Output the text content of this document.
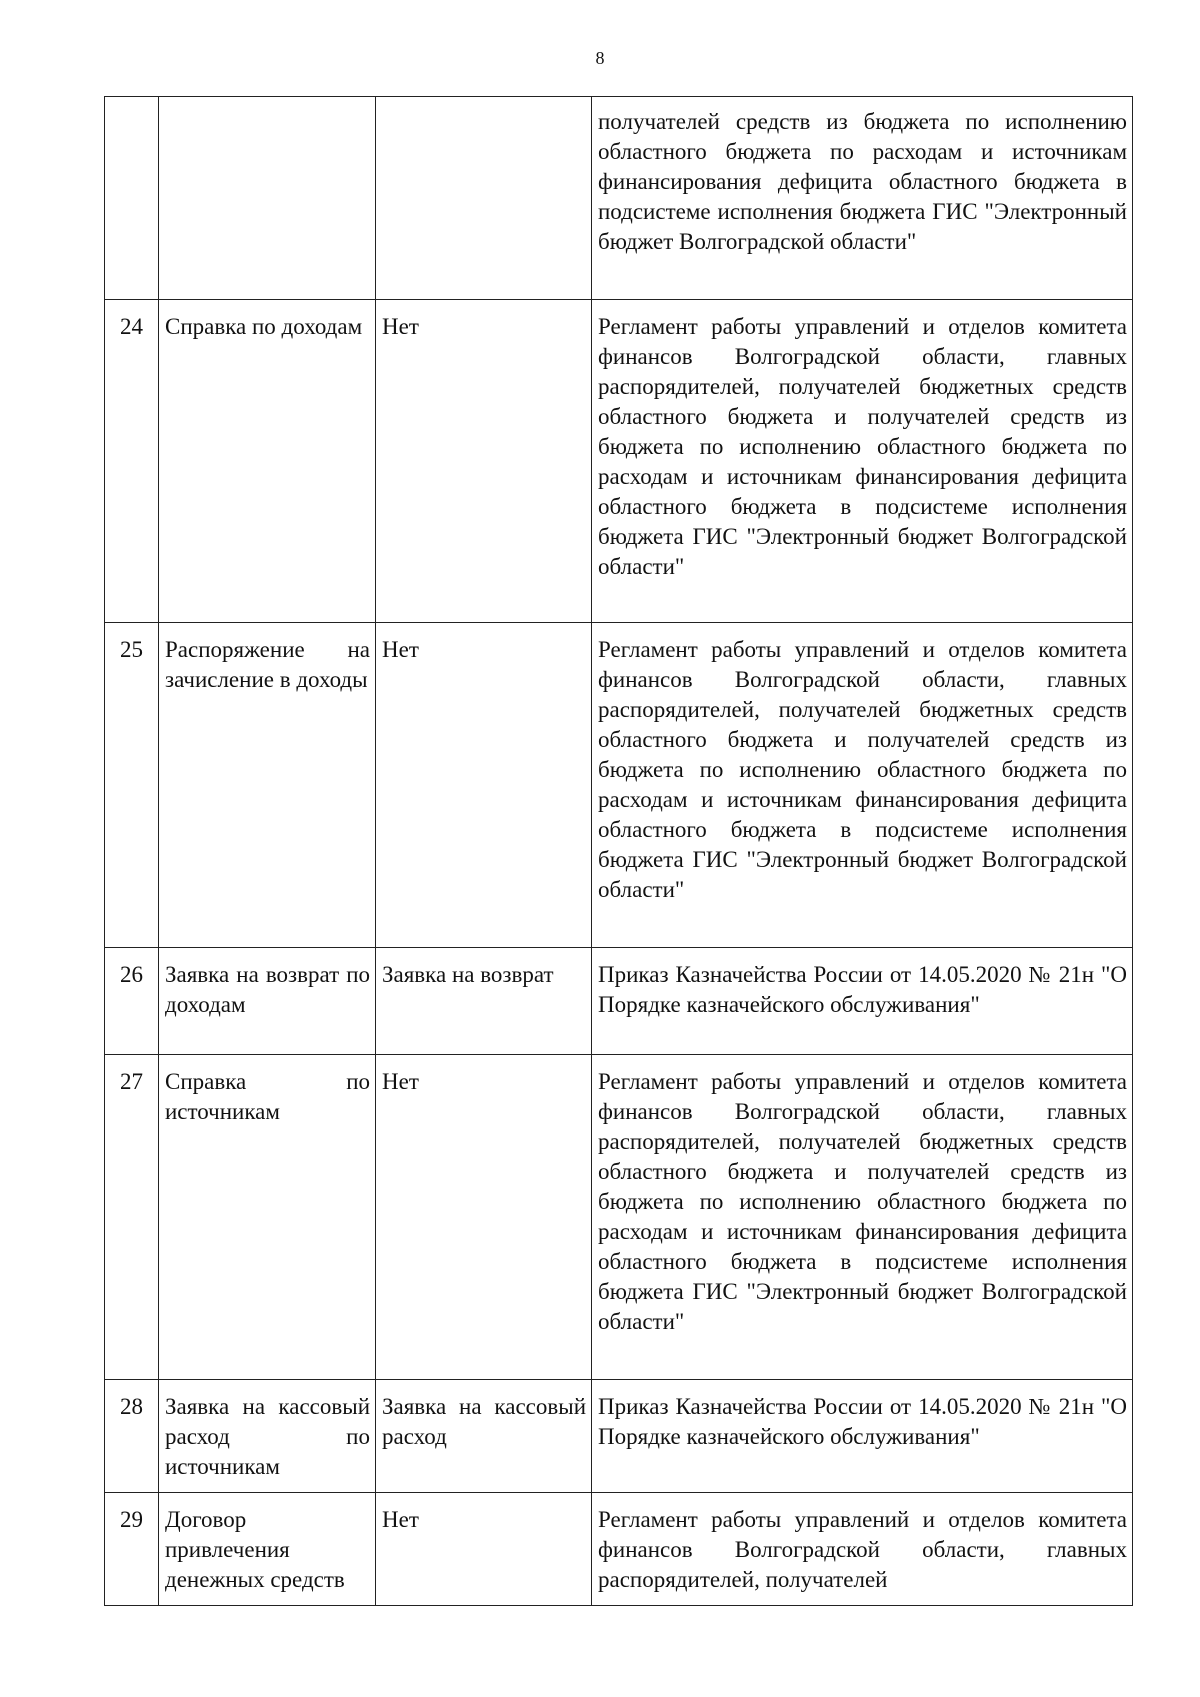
8
			получателей средств из бюджета по исполнению областного бюджета по расходам и источникам финансирования дефицита областного бюджета в подсистеме исполнения бюджета ГИС "Электронный бюджет Волгоградской области"
24	Справка по доходам	Нет	Регламент работы управлений и отделов комитета финансов Волгоградской области, главных распорядителей, получателей бюджетных средств областного бюджета и получателей средств из бюджета по исполнению областного бюджета по расходам и источникам финансирования дефицита областного бюджета в подсистеме исполнения бюджета ГИС "Электронный бюджет Волгоградской области"
25	Распоряжение на зачисление в доходы	Нет	Регламент работы управлений и отделов комитета финансов Волгоградской области, главных распорядителей, получателей бюджетных средств областного бюджета и получателей средств из бюджета по исполнению областного бюджета по расходам и источникам финансирования дефицита областного бюджета в подсистеме исполнения бюджета ГИС "Электронный бюджет Волгоградской области"
26	Заявка на возврат по доходам	Заявка на возврат	Приказ Казначейства России от 14.05.2020 № 21н "О Порядке казначейского обслуживания"
27	Справка по источникам	Нет	Регламент работы управлений и отделов комитета финансов Волгоградской области, главных распорядителей, получателей бюджетных средств областного бюджета и получателей средств из бюджета по исполнению областного бюджета по расходам и источникам финансирования дефицита областного бюджета в подсистеме исполнения бюджета ГИС "Электронный бюджет Волгоградской области"
28	Заявка на кассовый расход по источникам	Заявка на кассовый расход	Приказ Казначейства России от 14.05.2020 № 21н "О Порядке казначейского обслуживания"
29	Договор привлечения денежных средств	Нет	Регламент работы управлений и отделов комитета финансов Волгоградской области, главных распорядителей, получателей
